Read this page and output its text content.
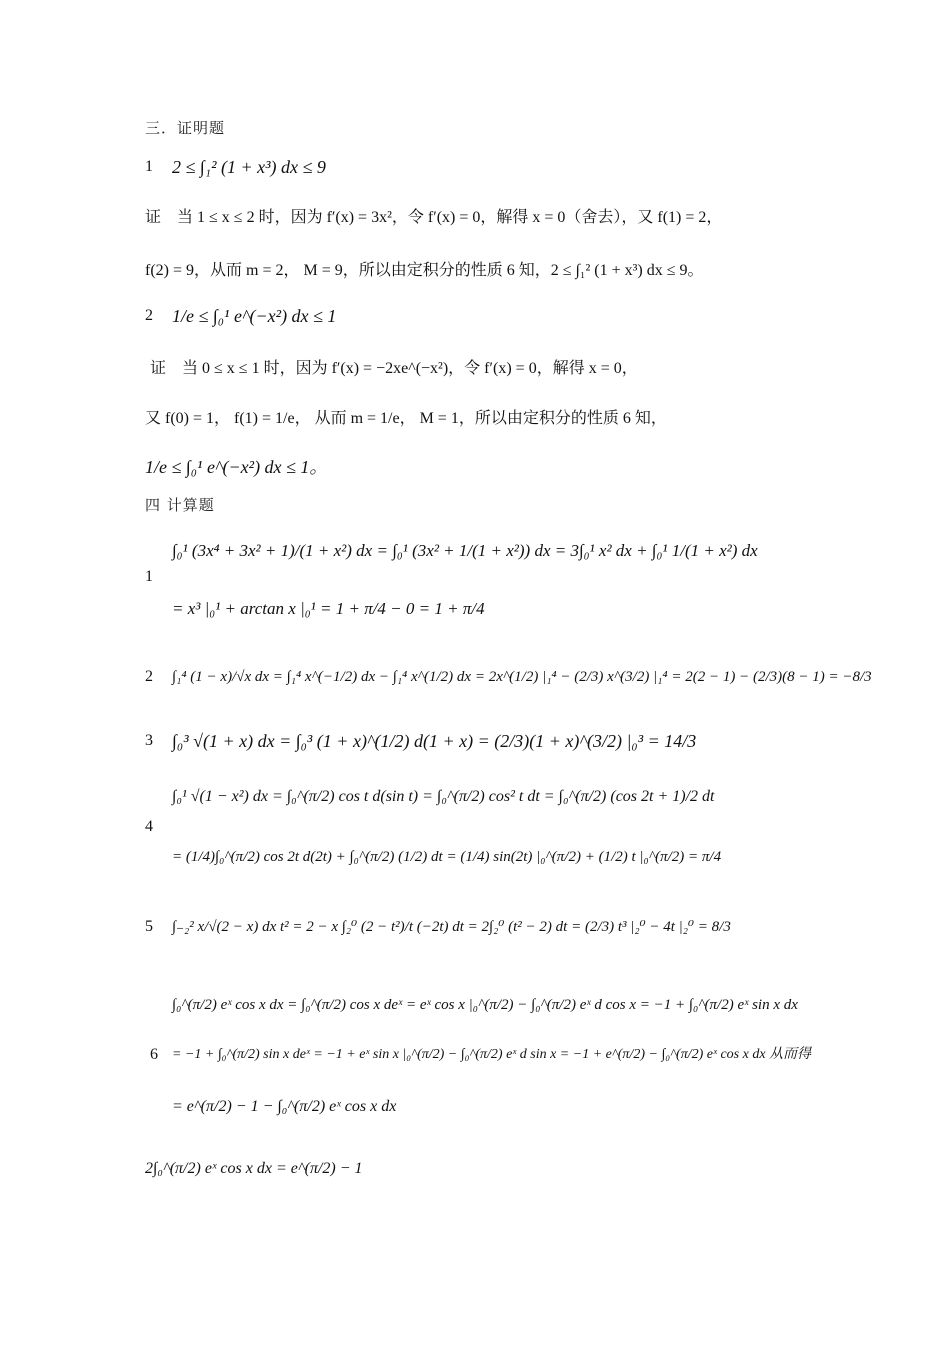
三．证明题
1 2 ≤ ∫₁² (1 + x³) dx ≤ 9
证　当 1 ≤ x ≤ 2 时，因为 f′(x) = 3x²，令 f′(x) = 0，解得 x = 0（舍去），又 f(1) = 2，
f(2) = 9，从而 m = 2， M = 9，所以由定积分的性质 6 知，2 ≤ ∫₁² (1 + x³) dx ≤ 9。
2 1/e ≤ ∫₀¹ e^(−x²) dx ≤ 1
证　当 0 ≤ x ≤ 1 时，因为 f′(x) = −2xe^(−x²)，令 f′(x) = 0，解得 x = 0，
又 f(0) = 1， f(1) = 1/e， 从而 m = 1/e， M = 1，所以由定积分的性质 6 知，
1/e ≤ ∫₀¹ e^(−x²) dx ≤ 1。
四 计算题
1
∫₀¹ (3x⁴ + 3x² + 1)/(1 + x²) dx = ∫₀¹ (3x² + 1/(1 + x²)) dx = 3∫₀¹ x² dx + ∫₀¹ 1/(1 + x²) dx
= x³ |₀¹ + arctan x |₀¹ = 1 + π/4 − 0 = 1 + π/4
2 ∫₁⁴ (1 − x)/√x dx = ∫₁⁴ x^(−1/2) dx − ∫₁⁴ x^(1/2) dx = 2x^(1/2) |₁⁴ − (2/3) x^(3/2) |₁⁴ = 2(2 − 1) − (2/3)(8 − 1) = −8/3
3 ∫₀³ √(1 + x) dx = ∫₀³ (1 + x)^(1/2) d(1 + x) = (2/3)(1 + x)^(3/2) |₀³ = 14/3
4
∫₀¹ √(1 − x²) dx = ∫₀^(π/2) cos t d(sin t) = ∫₀^(π/2) cos² t dt = ∫₀^(π/2) (cos 2t + 1)/2 dt
= (1/4)∫₀^(π/2) cos 2t d(2t) + ∫₀^(π/2) (1/2) dt = (1/4) sin(2t) |₀^(π/2) + (1/2) t |₀^(π/2) = π/4
5 ∫₋₂² x/√(2 − x) dx t² = 2 − x ∫₂⁰ (2 − t²)/t (−2t) dt = 2∫₂⁰ (t² − 2) dt = (2/3) t³ |₂⁰ − 4t |₂⁰ = 8/3
6
∫₀^(π/2) eˣ cos x dx = ∫₀^(π/2) cos x deˣ = eˣ cos x |₀^(π/2) − ∫₀^(π/2) eˣ d cos x = −1 + ∫₀^(π/2) eˣ sin x dx
= −1 + ∫₀^(π/2) sin x deˣ = −1 + eˣ sin x |₀^(π/2) − ∫₀^(π/2) eˣ d sin x = −1 + e^(π/2) − ∫₀^(π/2) eˣ cos x dx 从而得
= e^(π/2) − 1 − ∫₀^(π/2) eˣ cos x dx
2∫₀^(π/2) eˣ cos x dx = e^(π/2) − 1
